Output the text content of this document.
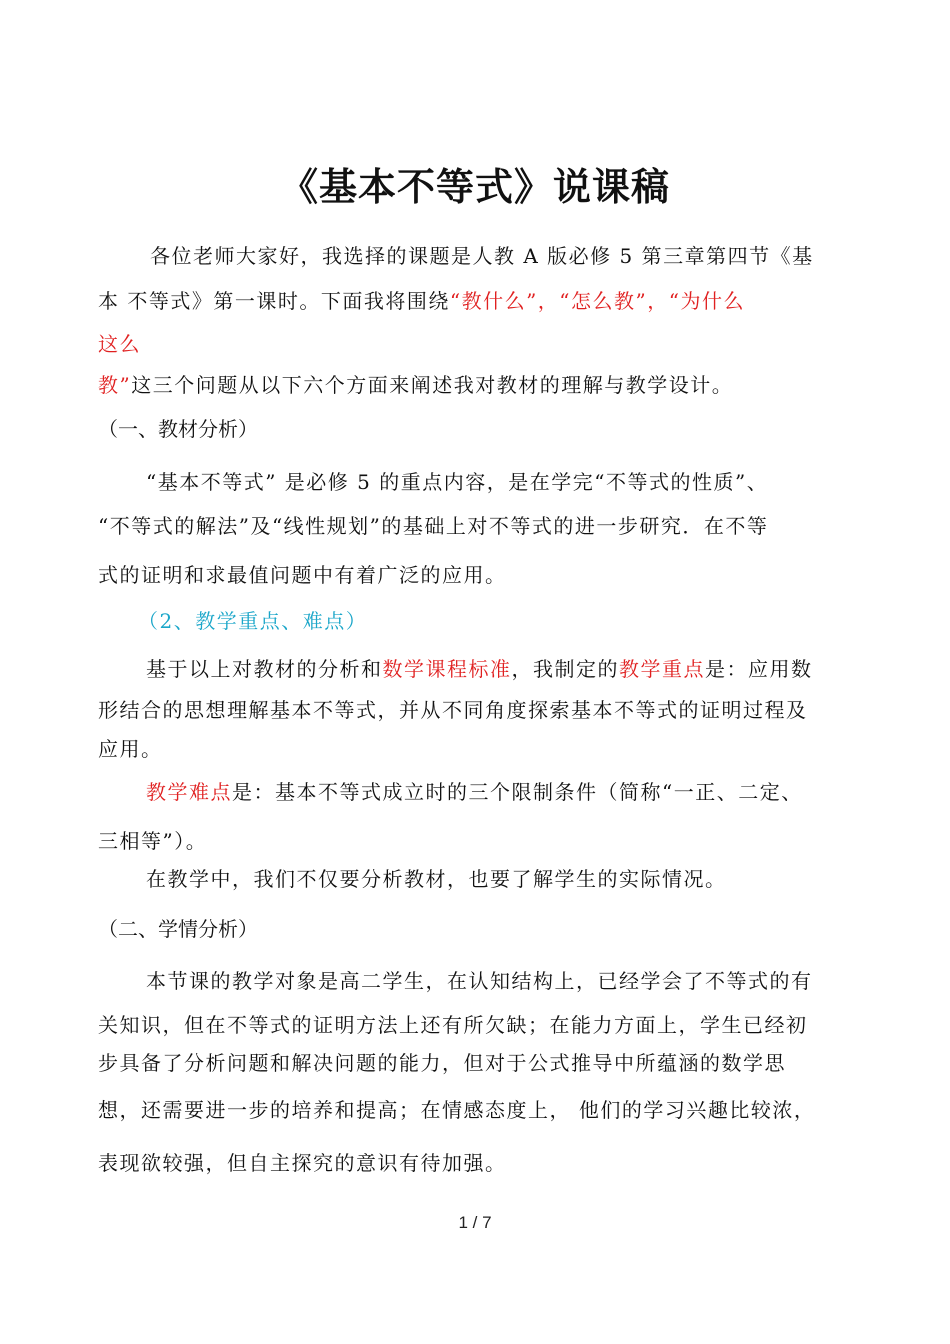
《基本不等式》说课稿
各位老师大家好，我选择的课题是人教 A 版必修 5 第三章第四节《基
本 不等式》第一课时。下面我将围绕“教什么”，“怎么教”，“为什么
这么
教”这三个问题从以下六个方面来阐述我对教材的理解与教学设计。
（一、教材分析）
“基本不等式” 是必修 5 的重点内容，是在学完“不等式的性质”、
“不等式的解法”及“线性规划”的基础上对不等式的进一步研究．在不等
式的证明和求最值问题中有着广泛的应用。
（2、教学重点、难点）
基于以上对教材的分析和数学课程标准，我制定的教学重点是：应用数
形结合的思想理解基本不等式，并从不同角度探索基本不等式的证明过程及
应用。
教学难点是：基本不等式成立时的三个限制条件（简称“一正、二定、
三相等”）。
在教学中，我们不仅要分析教材，也要了解学生的实际情况。
（二、学情分析）
本节课的教学对象是高二学生，在认知结构上，已经学会了不等式的有
关知识，但在不等式的证明方法上还有所欠缺；在能力方面上，学生已经初
步具备了分析问题和解决问题的能力，但对于公式推导中所蕴涵的数学思
想，还需要进一步的培养和提高；在情感态度上， 他们的学习兴趣比较浓，
表现欲较强，但自主探究的意识有待加强。
1 / 7
